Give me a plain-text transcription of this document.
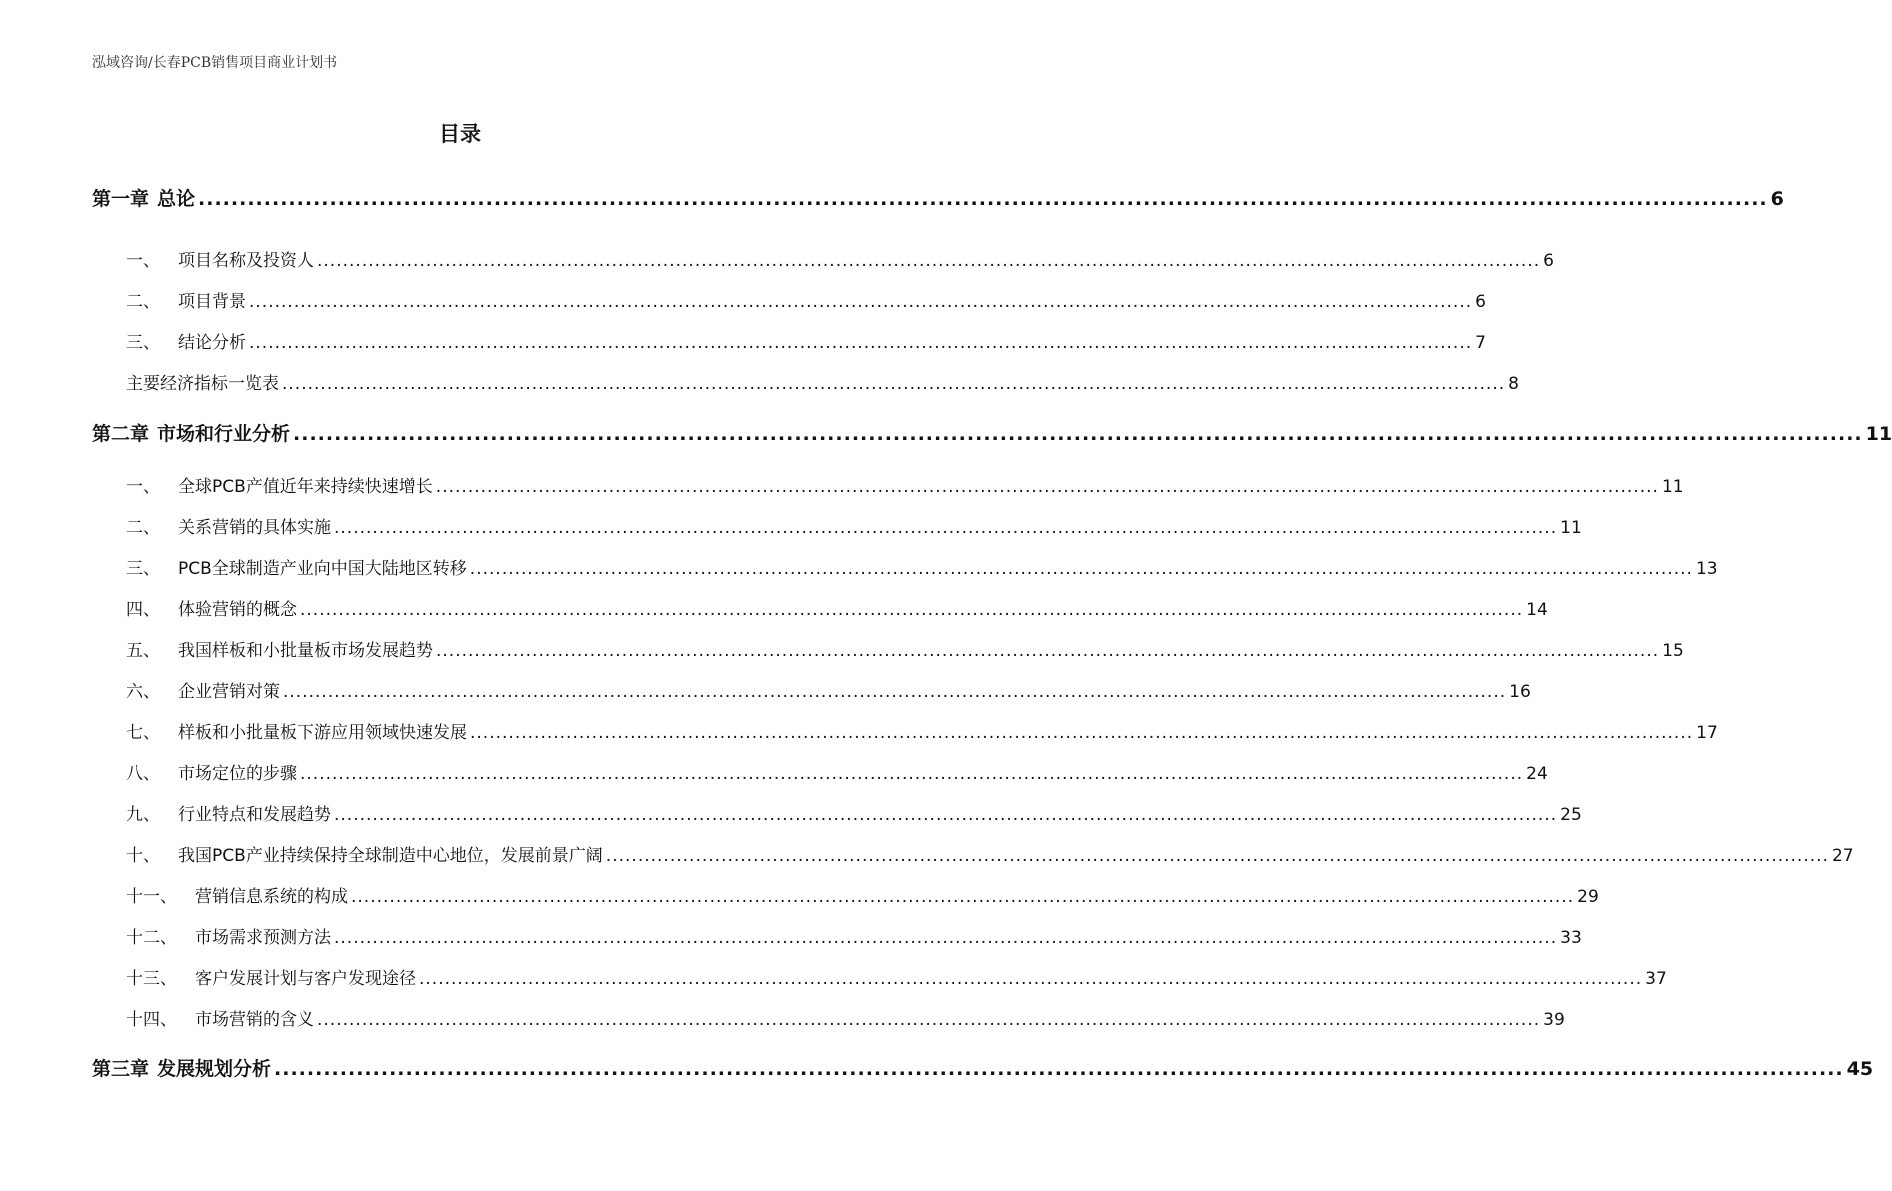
泓域咨询/长春PCB销售项目商业计划书
目录
第一章 总论 ............................................................................................................................................................................................... 6
一、 项目名称及投资人 ............................................................................................................................................................................................... 6
二、 项目背景 ............................................................................................................................................................................................... 6
三、 结论分析 ............................................................................................................................................................................................... 7
主要经济指标一览表 ............................................................................................................................................................................................... 8
第二章 市场和行业分析 ............................................................................................................................................................................................... 11
一、 全球PCB产值近年来持续快速增长 ............................................................................................................................................................................................... 11
二、 关系营销的具体实施 ............................................................................................................................................................................................... 11
三、 PCB全球制造产业向中国大陆地区转移 ............................................................................................................................................................................................... 13
四、 体验营销的概念 ............................................................................................................................................................................................... 14
五、 我国样板和小批量板市场发展趋势 ............................................................................................................................................................................................... 15
六、 企业营销对策 ............................................................................................................................................................................................... 16
七、 样板和小批量板下游应用领域快速发展 ............................................................................................................................................................................................... 17
八、 市场定位的步骤 ............................................................................................................................................................................................... 24
九、 行业特点和发展趋势 ............................................................................................................................................................................................... 25
十、 我国PCB产业持续保持全球制造中心地位，发展前景广阔 ............................................................................................................................................................................................... 27
十一、 营销信息系统的构成 ............................................................................................................................................................................................... 29
十二、 市场需求预测方法 ............................................................................................................................................................................................... 33
十三、 客户发展计划与客户发现途径 ............................................................................................................................................................................................... 37
十四、 市场营销的含义 ............................................................................................................................................................................................... 39
第三章 发展规划分析 ............................................................................................................................................................................................... 45
